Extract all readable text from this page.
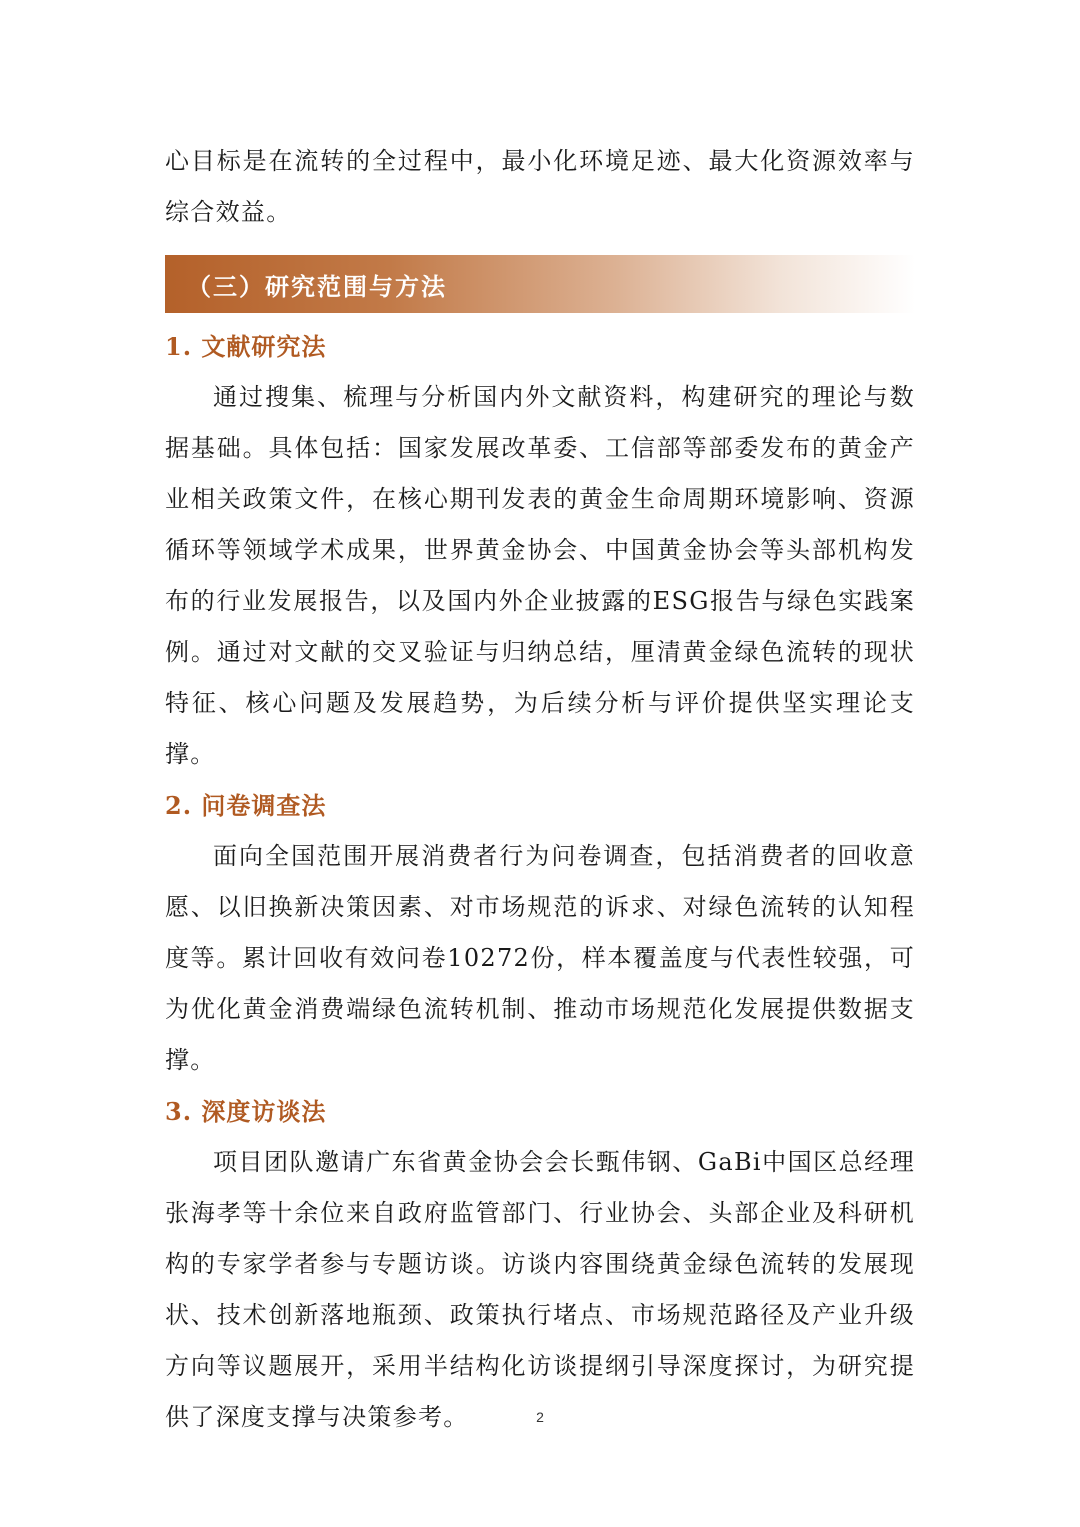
心目标是在流转的全过程中，最小化环境足迹、最大化资源效率与综合效益。

（三）研究范围与方法
1. 文献研究法

通过搜集、梳理与分析国内外文献资料，构建研究的理论与数据基础。具体包括：国家发展改革委、工信部等部委发布的黄金产业相关政策文件，在核心期刊发表的黄金生命周期环境影响、资源循环等领域学术成果，世界黄金协会、中国黄金协会等头部机构发布的行业发展报告，以及国内外企业披露的ESG报告与绿色实践案例。通过对文献的交叉验证与归纳总结，厘清黄金绿色流转的现状特征、核心问题及发展趋势，为后续分析与评价提供坚实理论支撑。

2. 问卷调查法

面向全国范围开展消费者行为问卷调查，包括消费者的回收意愿、以旧换新决策因素、对市场规范的诉求、对绿色流转的认知程度等。累计回收有效问卷10272份，样本覆盖度与代表性较强，可为优化黄金消费端绿色流转机制、推动市场规范化发展提供数据支撑。

3. 深度访谈法

项目团队邀请广东省黄金协会会长甄伟钢、GaBi中国区总经理张海孝等十余位来自政府监管部门、行业协会、头部企业及科研机构的专家学者参与专题访谈。访谈内容围绕黄金绿色流转的发展现状、技术创新落地瓶颈、政策执行堵点、市场规范路径及产业升级方向等议题展开，采用半结构化访谈提纲引导深度探讨，为研究提供了深度支撑与决策参考。	2
